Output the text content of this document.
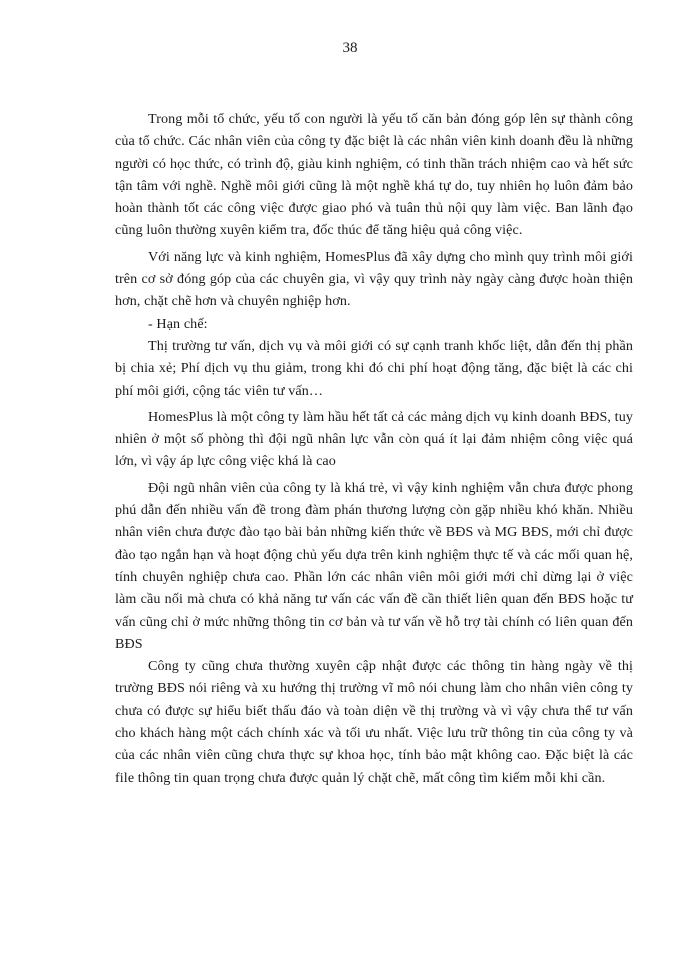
38

Trong mỗi tổ chức, yếu tố con người là yếu tố căn bản đóng góp lên sự thành công của tổ chức. Các nhân viên của công ty đặc biệt là các nhân viên kinh doanh đều là những người có học thức, có trình độ, giàu kinh nghiệm, có tinh thần trách nhiệm cao và hết sức tận tâm với nghề. Nghề môi giới cũng là một nghề khá tự do, tuy nhiên họ luôn đảm bảo hoàn thành tốt các công việc được giao phó và tuân thủ nội quy làm việc. Ban lãnh đạo cũng luôn thường xuyên kiểm tra, đốc thúc để tăng hiệu quả công việc.

Với năng lực và kinh nghiệm, HomesPlus đã xây dựng cho mình quy trình môi giới trên cơ sở đóng góp của các chuyên gia, vì vậy quy trình này ngày càng được hoàn thiện hơn, chặt chẽ hơn và chuyên nghiệp hơn.

- Hạn chế:

Thị trường tư vấn, dịch vụ và môi giới có sự cạnh tranh khốc liệt, dẫn đến thị phần bị chia xẻ; Phí dịch vụ thu giảm, trong khi đó chi phí hoạt động tăng, đặc biệt là các chi phí môi giới, cộng tác viên tư vấn…

HomesPlus là một công ty làm hầu hết tất cả các mảng dịch vụ kinh doanh BĐS, tuy nhiên ở một số phòng thì đội ngũ nhân lực vẫn còn quá ít lại đảm nhiệm công việc quá lớn, vì vậy áp lực công việc khá là cao

Đội ngũ nhân viên của công ty là khá trẻ, vì vậy kinh nghiệm vẫn chưa được phong phú dẫn đến nhiều vấn đề trong đàm phán thương lượng còn gặp nhiều khó khăn. Nhiều nhân viên chưa được đào tạo bài bản những kiến thức về BĐS và MG BĐS, mới chỉ được đào tạo ngắn hạn và hoạt động chủ yếu dựa trên kinh nghiệm thực tế và các mối quan hệ, tính chuyên nghiệp chưa cao. Phần lớn các nhân viên môi giới mới chỉ dừng lại ở việc làm cầu nối mà chưa có khả năng tư vấn các vấn đề cần thiết liên quan đến BĐS hoặc tư vấn cũng chỉ ở mức những thông tin cơ bản và tư vấn về hỗ trợ tài chính có liên quan đến BĐS

Công ty cũng chưa thường xuyên cập nhật được các thông tin hàng ngày về thị trường BĐS nói riêng và xu hướng thị trường vĩ mô nói chung làm cho nhân viên công ty chưa có được sự hiểu biết thấu đáo và toàn diện về thị trường và vì vậy chưa thể tư vấn cho khách hàng một cách chính xác và tối ưu nhất. Việc lưu trữ thông tin của công ty và của các nhân viên cũng chưa thực sự khoa học, tính bảo mật không cao. Đặc biệt là các file thông tin quan trọng chưa được quản lý chặt chẽ, mất công tìm kiếm mỗi khi cần.
